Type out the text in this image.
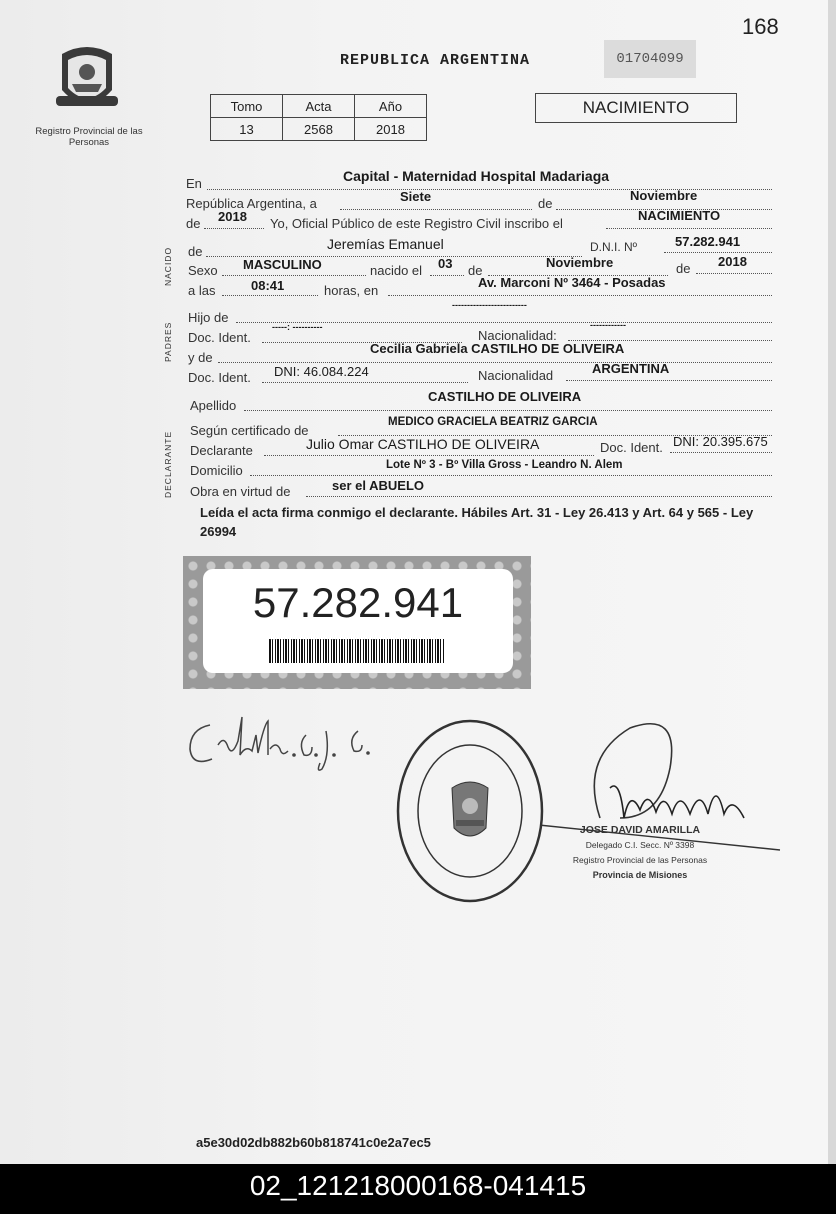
168
Registro Provincial de las Personas
REPUBLICA ARGENTINA	01704099
Tomo	Acta	Año
13	2568	2018
NACIMIENTO
En	Capital - Maternidad Hospital Madariaga
República Argentina, a	Siete	de
Noviembre
de 2018 Yo, Oficial Público de este Registro Civil inscribo el
NACIMIENTO
NACIDO de	Jeremías Emanuel	D.N.I. Nº	57.282.941
Sexo MASCULINO	nacido el 03 de
Noviembre	de 2018
a las	08:41	horas, en
Av. Marconi Nº 3464 - Posadas
PADRES
Hijo de
-------------------------
Doc. Ident.
-----: ----------
Nacionalidad:
------------
y de
Cecilia Gabriela CASTILHO DE OLIVEIRA
Doc. Ident. DNI: 46.084.224	Nacionalidad	ARGENTINA
Apellido
CASTILHO DE OLIVEIRA
DECLARANTE
Según certificado de
MEDICO GRACIELA BEATRIZ GARCIA
Declarante	Julio Omar CASTILHO DE OLIVEIRA	Doc. Ident. DNI: 20.395.675
Domicilio	Lote Nº 3 - Bº Villa Gross - Leandro N. Alem
Obra en virtud de	ser el ABUELO
Leída el acta firma conmigo el declarante. Hábiles Art. 31 - Ley 26.413 y Art. 64 y 565 - Ley 26994
57.282.941
JOSE DAVID AMARILLA
Delegado C.I. Secc. Nº 3398
Registro Provincial de las Personas
Provincia de Misiones
a5e30d02db882b60b818741c0e2a7ec5
02_121218000168-041415
